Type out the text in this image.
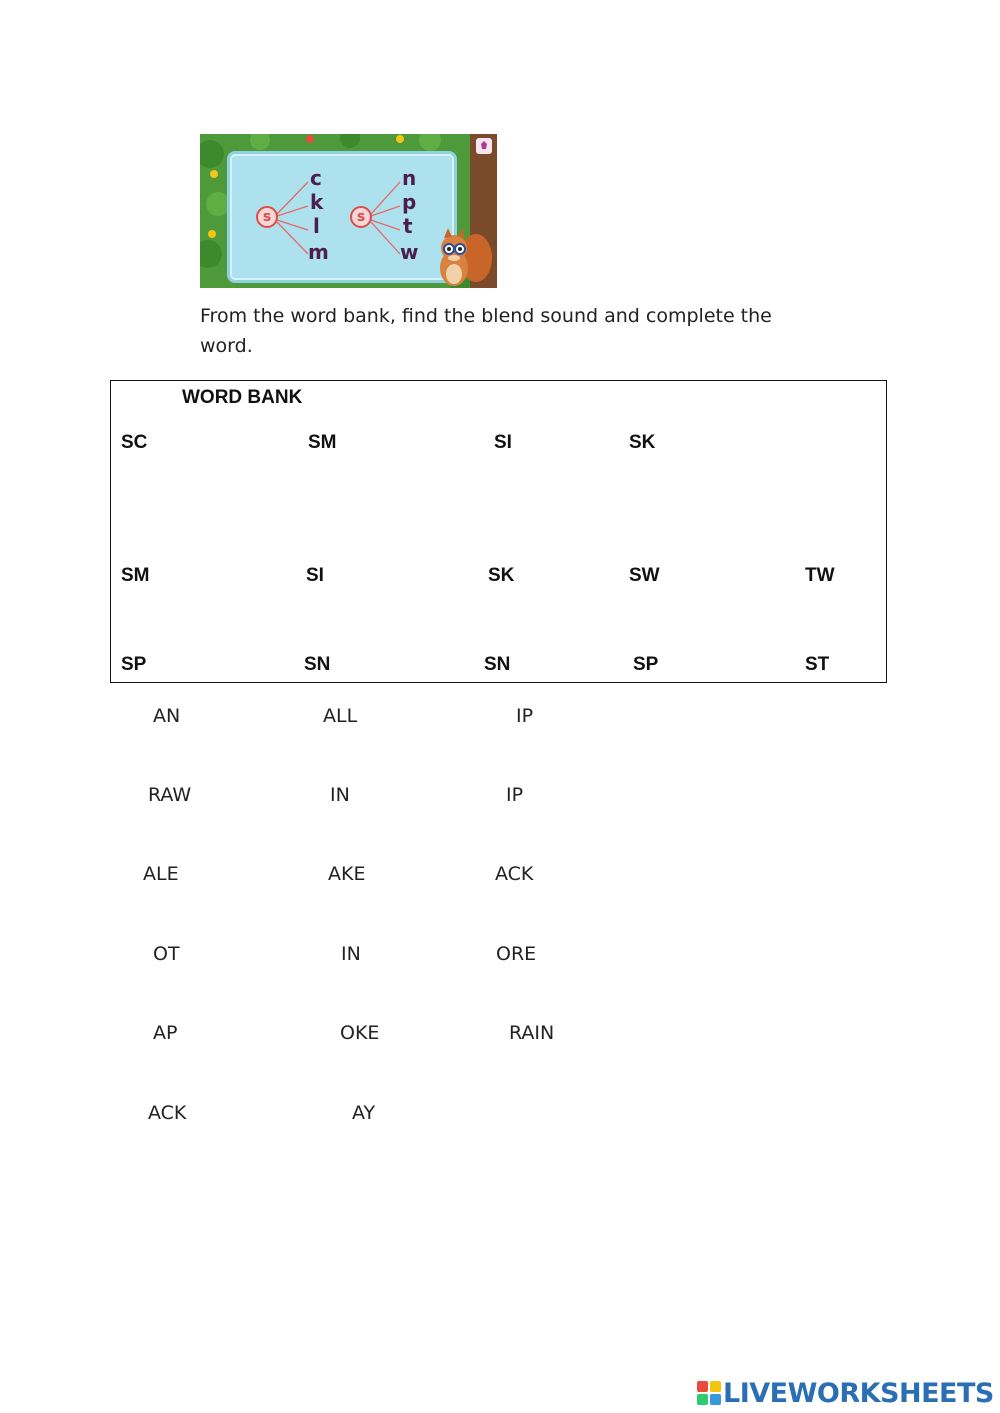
s	s
c
k
l
m
n
p
t
w
From the word bank, find the blend sound and complete the word.
WORD BANK
SC	SM	SI	SK
SM	SI	SK	SW	TW
SP	SN	SN	SP	ST
AN	ALL	IP
RAW	IN	IP
ALE	AKE	ACK
OT	IN	ORE
AP	OKE	RAIN
ACK	AY
LIVEWORKSHEETS
